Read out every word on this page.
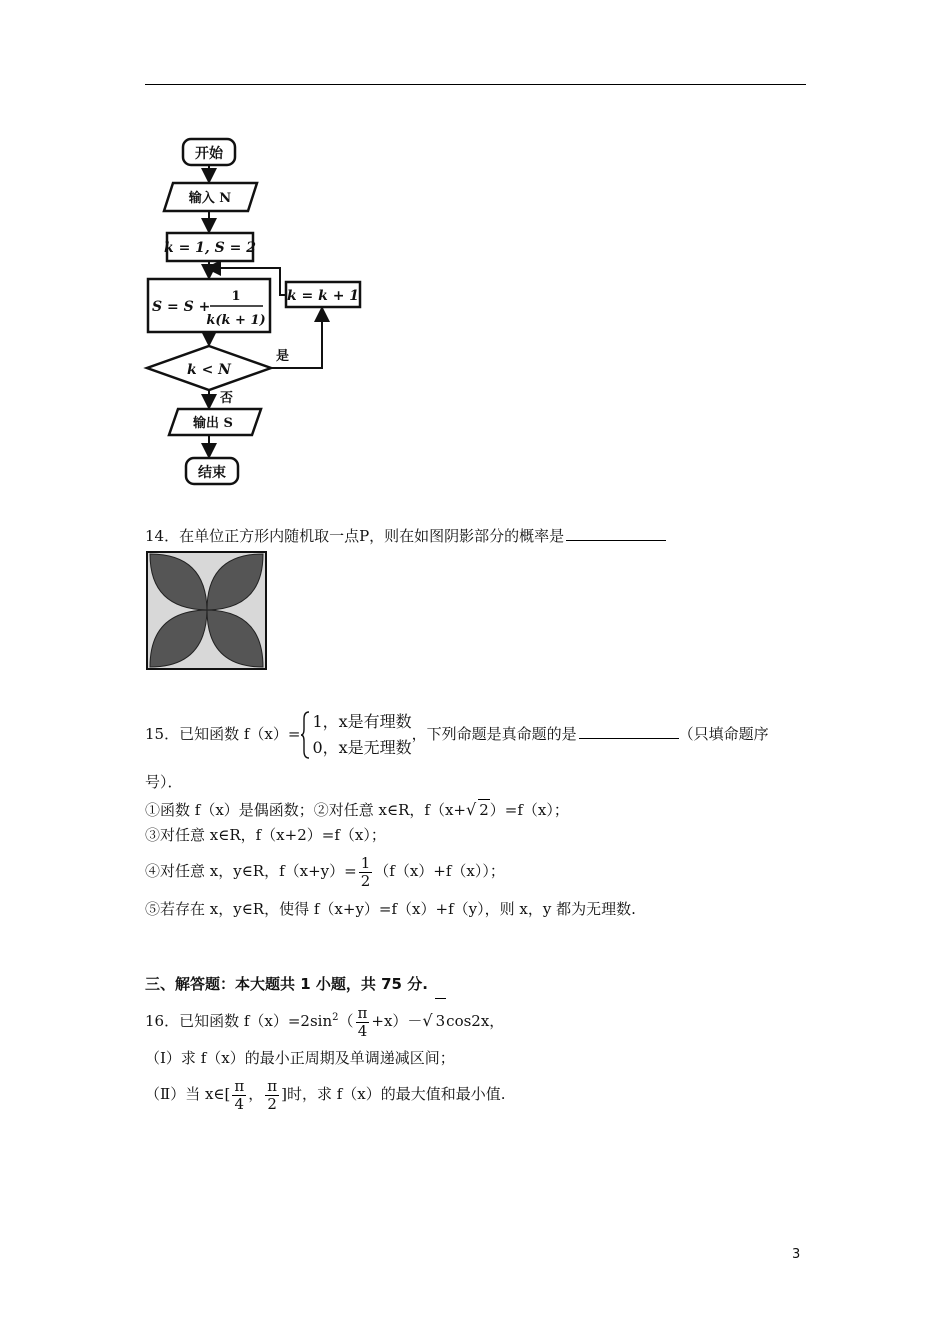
开始
输入 N
k = 1, S = 2
S = S +
1
k(k + 1)
k = k + 1
k < N
是
否
输出 S
结束
14．在单位正方形内随机取一点P，则在如图阴影部分的概率是
15．已知函数 f（x）=
1，x是有理数
0，x是无理数
，下列命题是真命题的是	（只填命题序
号）．
①函数 f（x）是偶函数；②对任意 x∈R，f（x+√ 2）=f（x）；
③对任意 x∈R，f（x+2）=f（x）；
④对任意 x，y∈R，$f(x+y)= \frac{1}{2} (f(x)+f(x))$；
⑤若存在 x，y∈R，使得 f（x+y）=f（x）+f（y），则 x，y 都为无理数.
三、解答题：本大题共 1 小题，共 75 分.
16．已知函数 $f(x)=2\sin^2( \frac{\pi}{4} +x)-√$ 3cos2x，
（Ⅰ）求 f（x）的最小正周期及单调递减区间；
（Ⅱ）当 x∈[ $\frac{\pi}{4}$ ， $\frac{\pi}{2}$ ]时，求 f（x）的最大值和最小值.
3
